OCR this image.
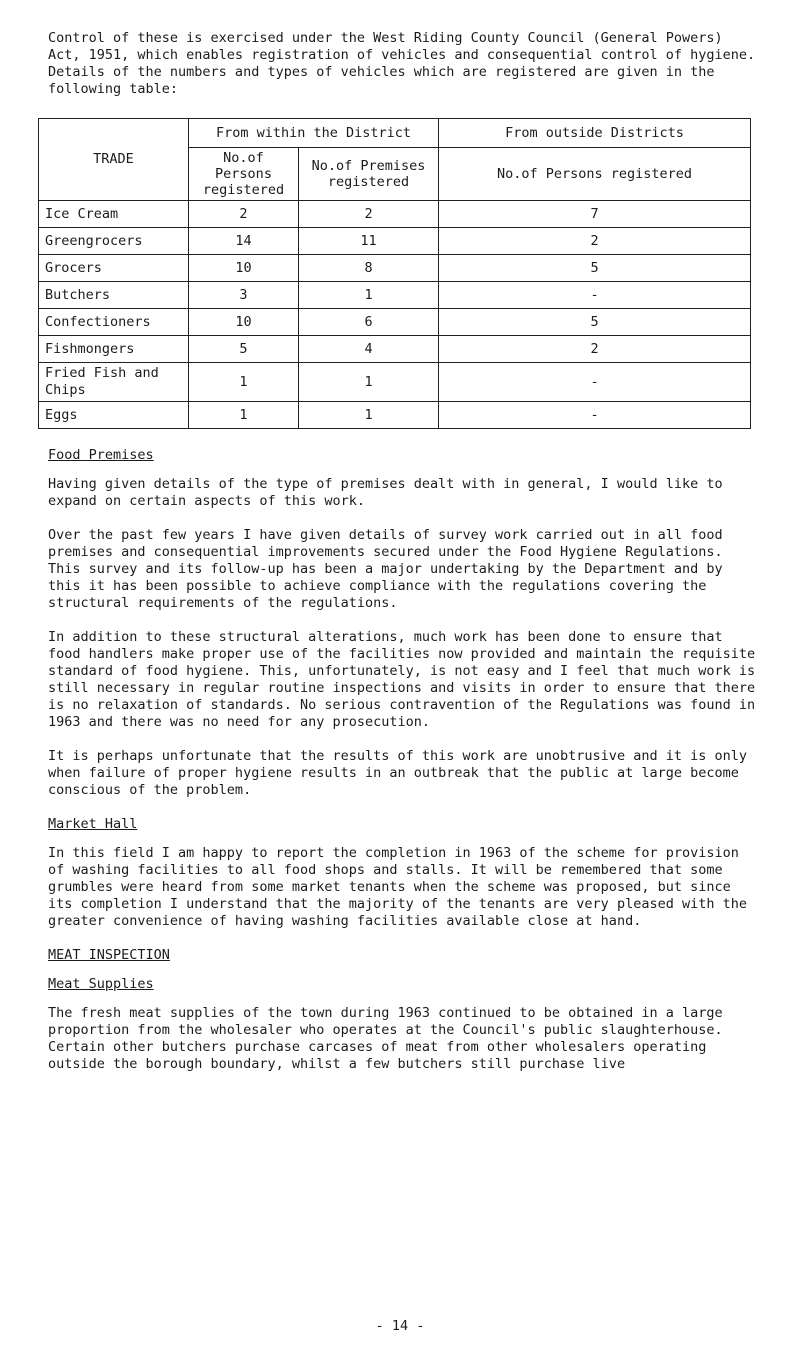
Control of these is exercised under the West Riding County Council (General Powers) Act, 1951, which enables registration of vehicles and consequential control of hygiene. Details of the numbers and types of vehicles which are registered are given in the following table:

TRADE	From within the District		From outside Districts
	No.of Persons registered	No.of Premises registered	No.of Persons registered
Ice Cream	2	2	7
Greengrocers	14	11	2
Grocers	10	8	5
Butchers	3	1	-
Confectioners	10	6	5
Fishmongers	5	4	2
Fried Fish and Chips	1	1	-
Eggs	1	1	-
Food Premises

Having given details of the type of premises dealt with in general, I would like to expand on certain aspects of this work.

Over the past few years I have given details of survey work carried out in all food premises and consequential improvements secured under the Food Hygiene Regulations. This survey and its follow-up has been a major undertaking by the Department and by this it has been possible to achieve compliance with the regulations covering the structural requirements of the regulations.

In addition to these structural alterations, much work has been done to ensure that food handlers make proper use of the facilities now provided and maintain the requisite standard of food hygiene. This, unfortunately, is not easy and I feel that much work is still necessary in regular routine inspections and visits in order to ensure that there is no relaxation of standards. No serious contravention of the Regulations was found in 1963 and there was no need for any prosecution.

It is perhaps unfortunate that the results of this work are unobtrusive and it is only when failure of proper hygiene results in an outbreak that the public at large become conscious of the problem.

Market Hall

In this field I am happy to report the completion in 1963 of the scheme for provision of washing facilities to all food shops and stalls. It will be remembered that some grumbles were heard from some market tenants when the scheme was proposed, but since its completion I understand that the majority of the tenants are very pleased with the greater convenience of having washing facilities available close at hand.

MEAT INSPECTION
Meat Supplies

The fresh meat supplies of the town during 1963 continued to be obtained in a large proportion from the wholesaler who operates at the Council's public slaughterhouse. Certain other butchers purchase carcases of meat from other wholesalers operating outside the borough boundary, whilst a few butchers still purchase live

- 14 -
